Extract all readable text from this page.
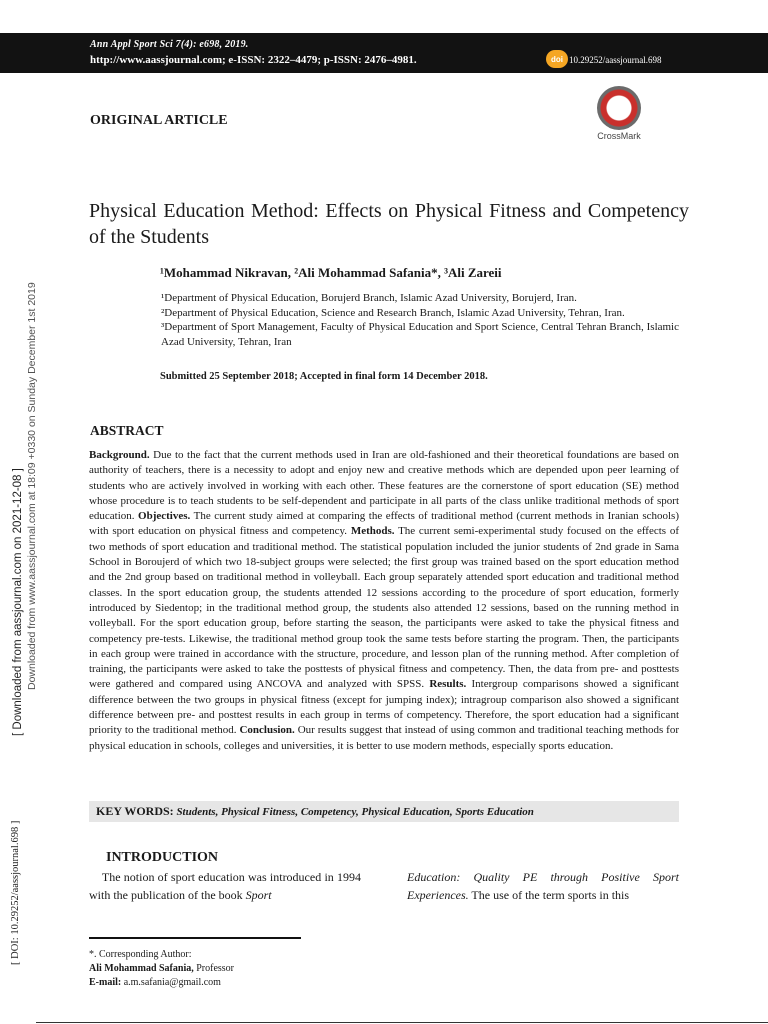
Ann Appl Sport Sci 7(4): e698, 2019.
http://www.aassjournal.com; e-ISSN: 2322–4479; p-ISSN: 2476–4981.	doi 10.29252/aassjournal.698
ORIGINAL ARTICLE
CrossMark
Physical Education Method: Effects on Physical Fitness and Competency of the Students
¹Mohammad Nikravan, ²Ali Mohammad Safania*, ³Ali Zareii

¹Department of Physical Education, Borujerd Branch, Islamic Azad University, Borujerd, Iran.

²Department of Physical Education, Science and Research Branch, Islamic Azad University, Tehran, Iran.

³Department of Sport Management, Faculty of Physical Education and Sport Science, Central Tehran Branch, Islamic Azad University, Tehran, Iran

Submitted 25 September 2018; Accepted in final form 14 December 2018.
ABSTRACT
Background. Due to the fact that the current methods used in Iran are old-fashioned and their theoretical foundations are based on authority of teachers, there is a necessity to adopt and enjoy new and creative methods which are depended upon peer learning of students who are actively involved in working with each other. These features are the cornerstone of sport education (SE) method whose procedure is to teach students to be self-dependent and participate in all parts of the class unlike traditional methods of sport education. Objectives. The current study aimed at comparing the effects of traditional method (current methods in Iranian schools) with sport education on physical fitness and competency. Methods. The current semi-experimental study focused on the effects of two methods of sport education and traditional method. The statistical population included the junior students of 2nd grade in Sama School in Boroujerd of which two 18-subject groups were selected; the first group was trained based on the sport education method and the 2nd group based on traditional method in volleyball. Each group separately attended sport education and traditional method classes. In the sport education group, the students attended 12 sessions according to the procedure of sport education, formerly introduced by Siedentop; in the traditional method group, the students also attended 12 sessions, based on the running method in volleyball. For the sport education group, before starting the season, the participants were asked to take the physical fitness and competency pre-tests. Likewise, the traditional method group took the same tests before starting the program. Then, the participants in each group were trained in accordance with the structure, procedure, and lesson plan of the running method. After completion of training, the participants were asked to take the posttests of physical fitness and competency. Then, the data from pre- and posttests were gathered and compared using ANCOVA and analyzed with SPSS. Results. Intergroup comparisons showed a significant difference between the two groups in physical fitness (except for jumping index); intragroup comparison also showed a significant difference between pre- and posttest results in each group in terms of competency. Therefore, the sport education had a significant priority to the traditional method. Conclusion. Our results suggest that instead of using common and traditional teaching methods for physical education in schools, colleges and universities, it is better to use modern methods, especially sports education.
KEY WORDS: Students, Physical Fitness, Competency, Physical Education, Sports Education
INTRODUCTION
The notion of sport education was introduced in 1994 with the publication of the book Sport
Education: Quality PE through Positive Sport Experiences. The use of the term sports in this
*. Corresponding Author:
Ali Mohammad Safania, Professor
E-mail: a.m.safania@gmail.com
[ Downloaded from aassjournal.com on 2021-12-08 ]
[ DOI: 10.29252/aassjournal.698 ]
Downloaded from www.aassjournal.com at 18:09 +0330 on Sunday December 1st 2019
